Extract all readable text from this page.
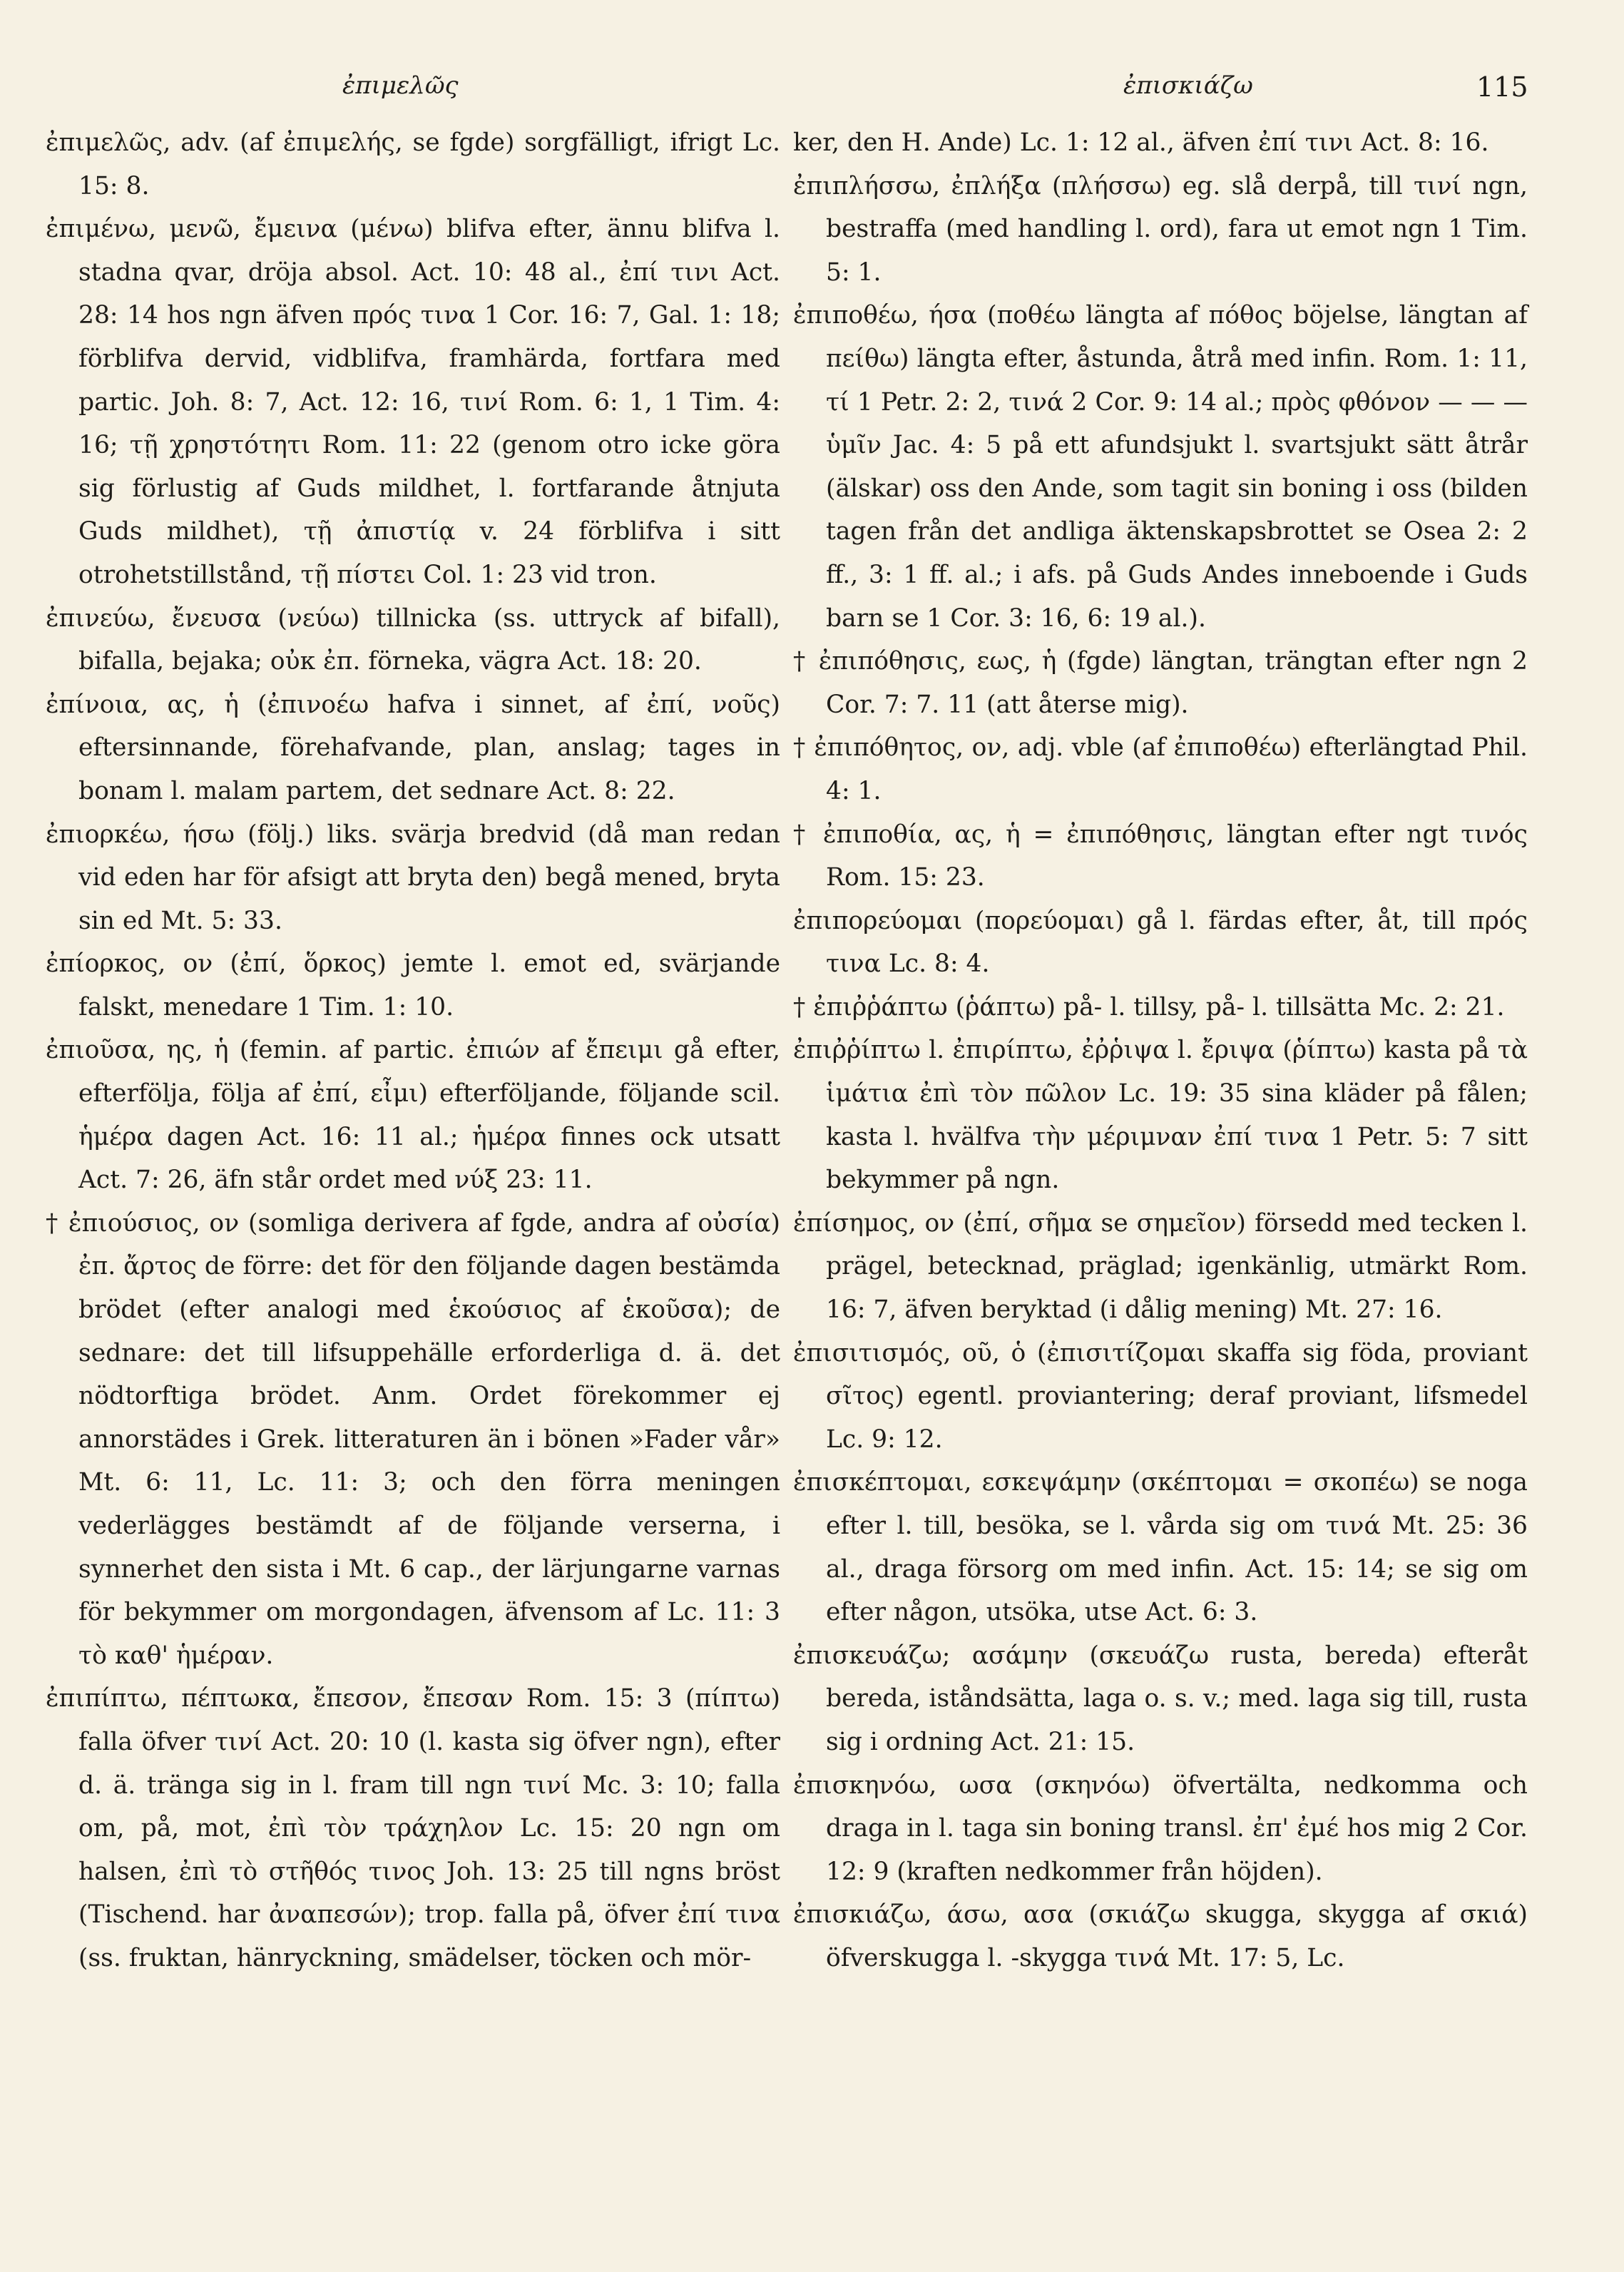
ἐπιμελῶς	ἐπισκιάζω	115

ἐπιμελῶς, adv. (af ἐπιμελής, se fgde) sorgfälligt, ifrigt Lc. 15: 8.

ἐπιμένω, μενῶ, ἔμεινα (μένω) blifva efter, ännu blifva l. stadna qvar, dröja absol. Act. 10: 48 al., ἐπί τινι Act. 28: 14 hos ngn äfven πρός τινα 1 Cor. 16: 7, Gal. 1: 18; förblifva dervid, vidblifva, framhärda, fortfara med partic. Joh. 8: 7, Act. 12: 16, τινί Rom. 6: 1, 1 Tim. 4: 16; τῇ χρηστότητι Rom. 11: 22 (genom otro icke göra sig förlustig af Guds mildhet, l. fortfarande åtnjuta Guds mildhet), τῇ ἀπιστίᾳ v. 24 förblifva i sitt otrohetstillstånd, τῇ πίστει Col. 1: 23 vid tron.

ἐπινεύω, ἔνευσα (νεύω) tillnicka (ss. uttryck af bifall), bifalla, bejaka; οὐκ ἐπ. förneka, vägra Act. 18: 20.

ἐπίνοια, ας, ἡ (ἐπινοέω hafva i sinnet, af ἐπί, νοῦς) eftersinnande, förehafvande, plan, anslag; tages in bonam l. malam partem, det sednare Act. 8: 22.

ἐπιορκέω, ήσω (följ.) liks. svärja bredvid (då man redan vid eden har för afsigt att bryta den) begå mened, bryta sin ed Mt. 5: 33.

ἐπίορκος, ον (ἐπί, ὅρκος) jemte l. emot ed, svärjande falskt, menedare 1 Tim. 1: 10.

ἐπιοῦσα, ης, ἡ (femin. af partic. ἐπιών af ἔπειμι gå efter, efterfölja, följa af ἐπί, εἶμι) efterföljande, följande scil. ἡμέρα dagen Act. 16: 11 al.; ἡμέρα finnes ock utsatt Act. 7: 26, äfn står ordet med νύξ 23: 11.

† ἐπιούσιος, ον (somliga derivera af fgde, andra af οὐσία) ἐπ. ἄρτος de förre: det för den följande dagen bestämda brödet (efter analogi med ἑκούσιος af ἑκοῦσα); de sednare: det till lifsuppehälle erforderliga d. ä. det nödtorftiga brödet. Anm. Ordet förekommer ej annorstädes i Grek. litteraturen än i bönen »Fader vår» Mt. 6: 11, Lc. 11: 3; och den förra meningen vederlägges bestämdt af de följande verserna, i synnerhet den sista i Mt. 6 cap., der lärjungarne varnas för bekymmer om morgondagen, äfvensom af Lc. 11: 3 τὸ καθ' ἡμέραν.

ἐπιπίπτω, πέπτωκα, ἔπεσον, ἔπεσαν Rom. 15: 3 (πίπτω) falla öfver τινί Act. 20: 10 (l. kasta sig öfver ngn), efter d. ä. tränga sig in l. fram till ngn τινί Mc. 3: 10; falla om, på, mot, ἐπὶ τὸν τράχηλον Lc. 15: 20 ngn om halsen, ἐπὶ τὸ στῆθός τινος Joh. 13: 25 till ngns bröst (Tischend. har ἀναπεσών); trop. falla på, öfver ἐπί τινα (ss. fruktan, hänryckning, smädelser, töcken och mör-

ker, den H. Ande) Lc. 1: 12 al., äfven ἐπί τινι Act. 8: 16.

ἐπιπλήσσω, ἐπλήξα (πλήσσω) eg. slå derpå, till τινί ngn, bestraffa (med handling l. ord), fara ut emot ngn 1 Tim. 5: 1.

ἐπιποθέω, ήσα (ποθέω längta af πόθος böjelse, längtan af πείθω) längta efter, åstunda, åtrå med infin. Rom. 1: 11, τί 1 Petr. 2: 2, τινά 2 Cor. 9: 14 al.; πρὸς φθόνον — — — ὑμῖν Jac. 4: 5 på ett afundsjukt l. svartsjukt sätt åtrår (älskar) oss den Ande, som tagit sin boning i oss (bilden tagen från det andliga äktenskapsbrottet se Osea 2: 2 ff., 3: 1 ff. al.; i afs. på Guds Andes inneboende i Guds barn se 1 Cor. 3: 16, 6: 19 al.).

† ἐπιπόθησις, εως, ἡ (fgde) längtan, trängtan efter ngn 2 Cor. 7: 7. 11 (att återse mig).

† ἐπιπόθητος, ον, adj. vble (af ἐπιποθέω) efterlängtad Phil. 4: 1.

† ἐπιποθία, ας, ἡ = ἐπιπόθησις, längtan efter ngt τινός Rom. 15: 23.

ἐπιπορεύομαι (πορεύομαι) gå l. färdas efter, åt, till πρός τινα Lc. 8: 4.

† ἐπιῤῥάπτω (ῥάπτω) på- l. tillsy, på- l. tillsätta Mc. 2: 21.

ἐπιῤῥίπτω l. ἐπιρίπτω, ἐῤῥιψα l. ἔριψα (ῥίπτω) kasta på τὰ ἱμάτια ἐπὶ τὸν πῶλον Lc. 19: 35 sina kläder på fålen; kasta l. hvälfva τὴν μέριμναν ἐπί τινα 1 Petr. 5: 7 sitt bekymmer på ngn.

ἐπίσημος, ον (ἐπί, σῆμα se σημεῖον) försedd med tecken l. prägel, betecknad, präglad; igenkänlig, utmärkt Rom. 16: 7, äfven beryktad (i dålig mening) Mt. 27: 16.

ἐπισιτισμός, οῦ, ὁ (ἐπισιτίζομαι skaffa sig föda, proviant σῖτος) egentl. proviantering; deraf proviant, lifsmedel Lc. 9: 12.

ἐπισκέπτομαι, εσκεψάμην (σκέπτομαι = σκοπέω) se noga efter l. till, besöka, se l. vårda sig om τινά Mt. 25: 36 al., draga försorg om med infin. Act. 15: 14; se sig om efter någon, utsöka, utse Act. 6: 3.

ἐπισκευάζω; ασάμην (σκευάζω rusta, bereda) efteråt bereda, iståndsätta, laga o. s. v.; med. laga sig till, rusta sig i ordning Act. 21: 15.

ἐπισκηνόω, ωσα (σκηνόω) öfvertälta, nedkomma och draga in l. taga sin boning transl. ἐπ' ἐμέ hos mig 2 Cor. 12: 9 (kraften nedkommer från höjden).

ἐπισκιάζω, άσω, ασα (σκιάζω skugga, skygga af σκιά) öfverskugga l. -skygga τινά Mt. 17: 5, Lc.
